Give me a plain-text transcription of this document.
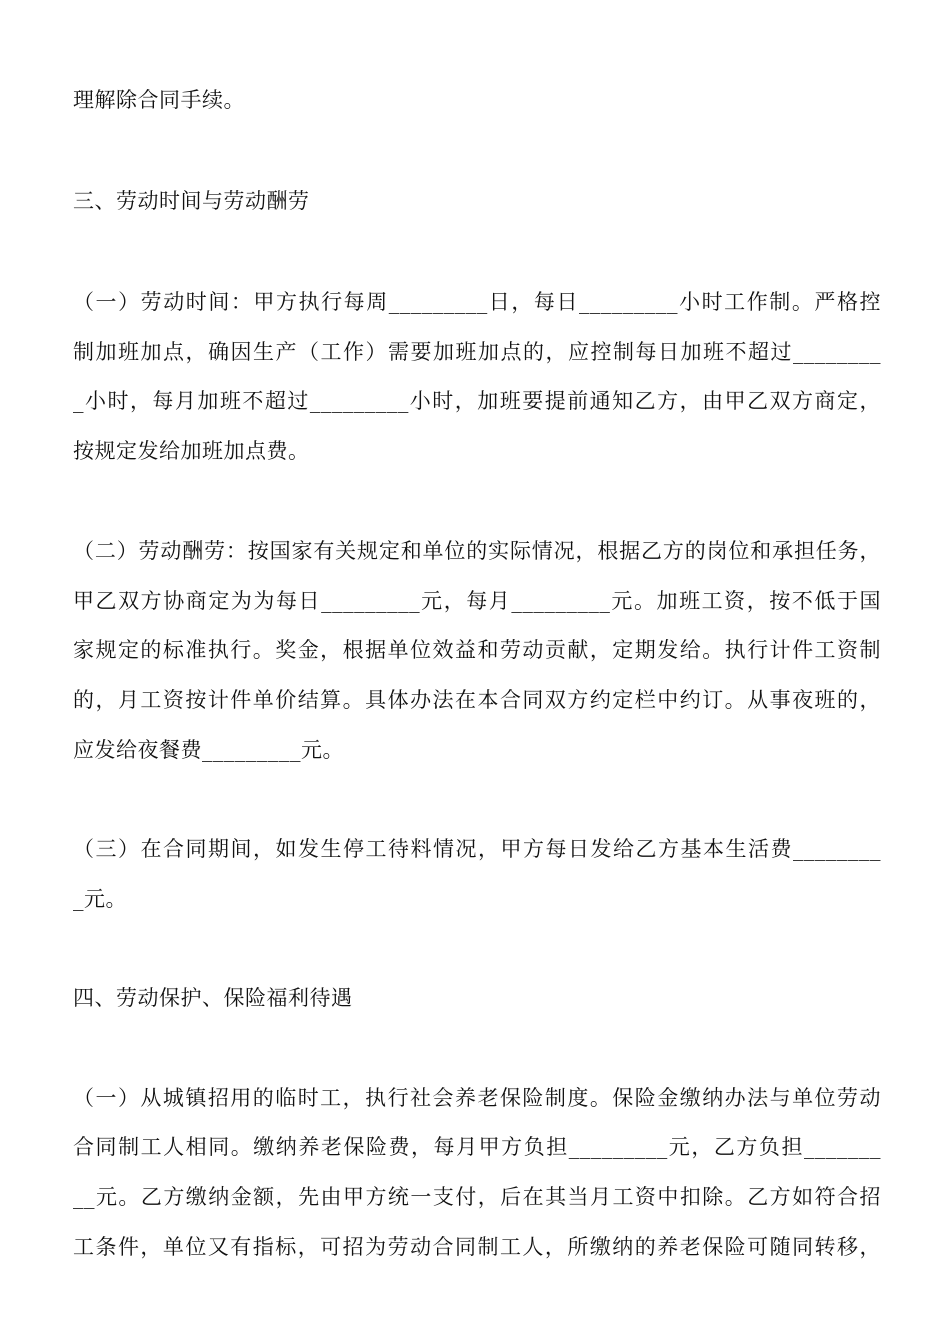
理解除合同手续。
三、劳动时间与劳动酬劳
（一）劳动时间：甲方执行每周_________日，每日_________小时工作制。严格控
制加班加点，确因生产（工作）需要加班加点的，应控制每日加班不超过________
_小时，每月加班不超过_________小时，加班要提前通知乙方，由甲乙双方商定，
按规定发给加班加点费。
（二）劳动酬劳：按国家有关规定和单位的实际情况，根据乙方的岗位和承担任务，
甲乙双方协商定为为每日_________元，每月_________元。加班工资，按不低于国
家规定的标准执行。奖金，根据单位效益和劳动贡献，定期发给。执行计件工资制
的，月工资按计件单价结算。具体办法在本合同双方约定栏中约订。从事夜班的，
应发给夜餐费_________元。
（三）在合同期间，如发生停工待料情况，甲方每日发给乙方基本生活费________
_元。
四、劳动保护、保险福利待遇
（一）从城镇招用的临时工，执行社会养老保险制度。保险金缴纳办法与单位劳动
合同制工人相同。缴纳养老保险费，每月甲方负担_________元，乙方负担_______
__元。乙方缴纳金额，先由甲方统一支付，后在其当月工资中扣除。乙方如符合招
工条件，单位又有指标，可招为劳动合同制工人，所缴纳的养老保险可随同转移，
